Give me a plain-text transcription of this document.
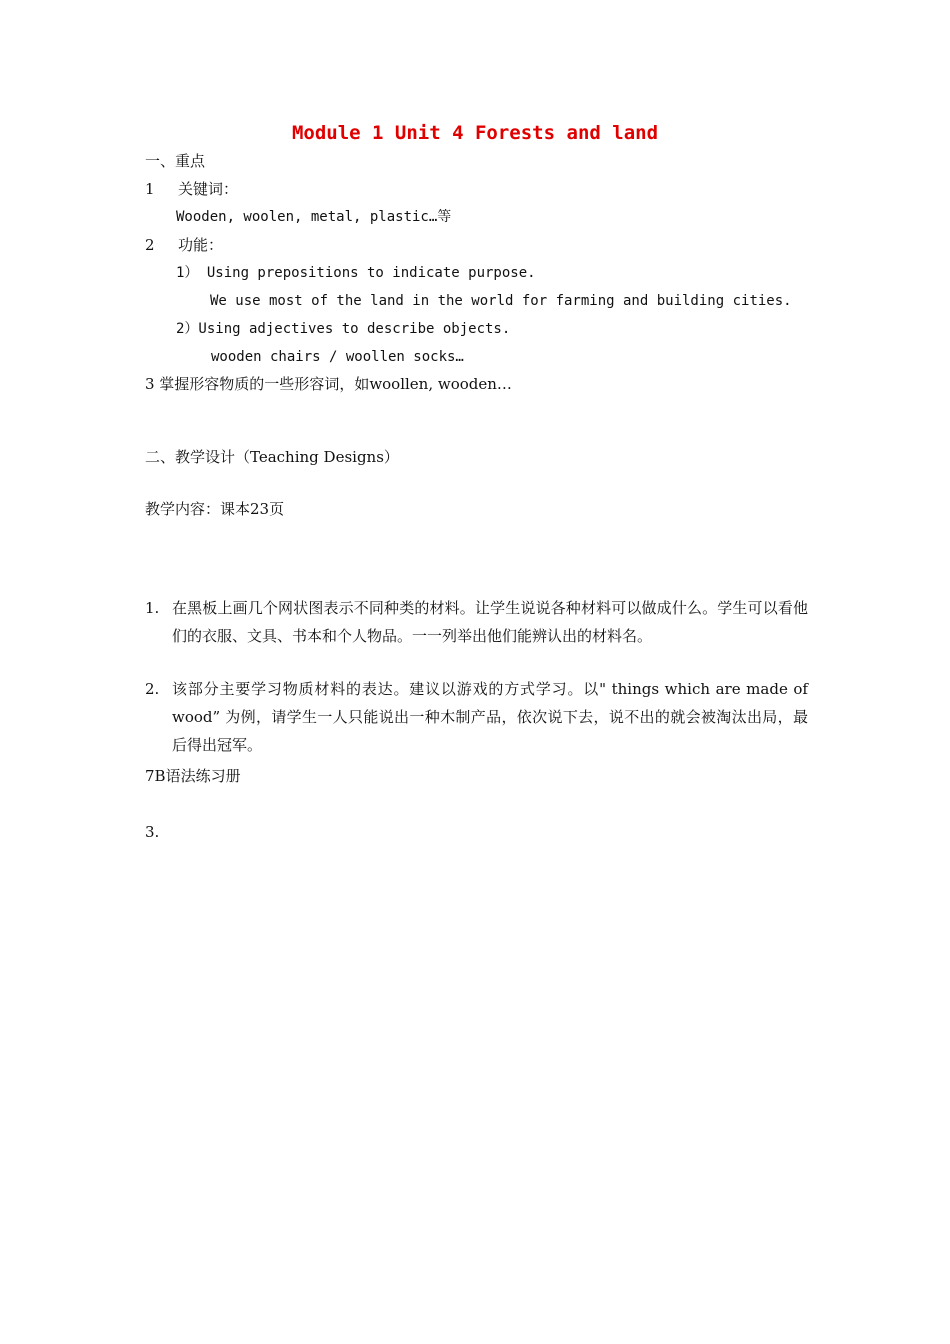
Module 1 Unit 4 Forests and land
一、重点
1 关键词：
Wooden, woolen, metal, plastic…等
2 功能：
1） Using prepositions to indicate purpose.
We use most of the land in the world for farming and building cities.
2）Using adjectives to describe objects.
wooden chairs / woollen socks…
3 掌握形容物质的一些形容词，如woollen, wooden…
二、教学设计（Teaching Designs）
教学内容：课本23页
1. 在黑板上画几个网状图表示不同种类的材料。让学生说说各种材料可以做成什么。学生可以看他们的衣服、文具、书本和个人物品。一一列举出他们能辨认出的材料名。
2. 该部分主要学习物质材料的表达。建议以游戏的方式学习。以" things which are made of wood” 为例，请学生一人只能说出一种木制产品，依次说下去，说不出的就会被淘汰出局，最后得出冠军。
7B语法练习册
3.
